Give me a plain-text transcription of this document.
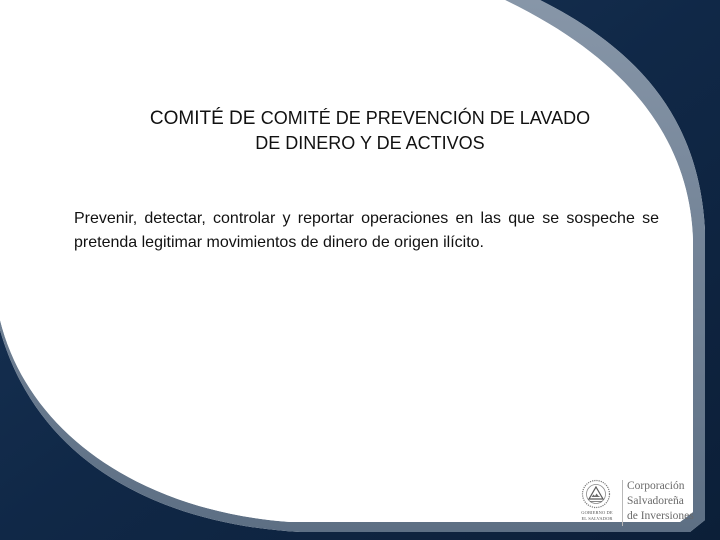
COMITÉ DE COMITÉ DE PREVENCIÓN DE LAVADO
DE DINERO Y DE ACTIVOS
Prevenir, detectar, controlar y reportar operaciones en las que se sospeche se pretenda legitimar movimientos de dinero de origen ilícito.
GOBIERNO DE
EL SALVADOR
Corporación
Salvadoreña
de Inversiones
